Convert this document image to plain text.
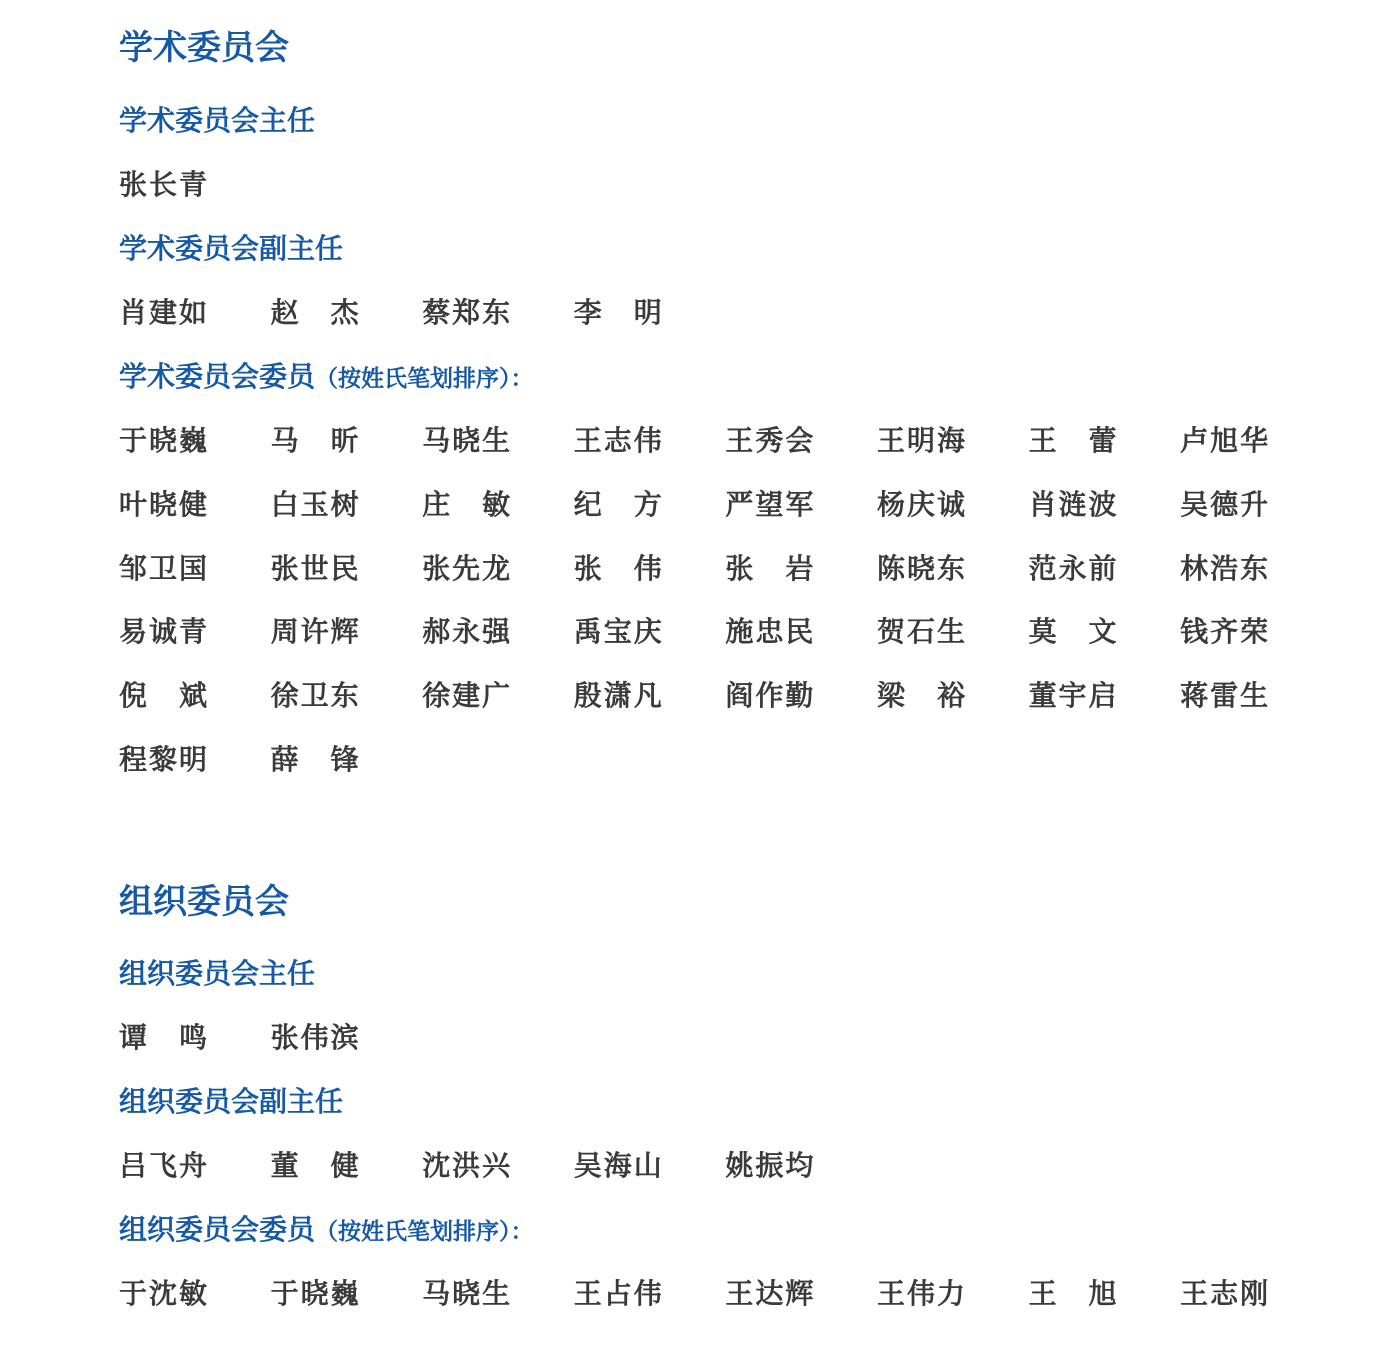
学术委员会
学术委员会主任
张长青
学术委员会副主任
肖建如 赵　杰 蔡郑东 李　明
学术委员会委员（按姓氏笔划排序）：
于晓巍 马　昕 马晓生 王志伟 王秀会 王明海 王　蕾 卢旭华
叶晓健 白玉树 庄　敏 纪　方 严望军 杨庆诚 肖涟波 吴德升
邹卫国 张世民 张先龙 张　伟 张　岩 陈晓东 范永前 林浩东
易诚青 周许辉 郝永强 禹宝庆 施忠民 贺石生 莫　文 钱齐荣
倪　斌 徐卫东 徐建广 殷潇凡 阎作勤 梁　裕 董宇启 蒋雷生
程黎明 薛　锋
组织委员会
组织委员会主任
谭　鸣 张伟滨
组织委员会副主任
吕飞舟 董　健 沈洪兴 吴海山 姚振均
组织委员会委员（按姓氏笔划排序）：
于沈敏 于晓巍 马晓生 王占伟 王达辉 王伟力 王　旭 王志刚
